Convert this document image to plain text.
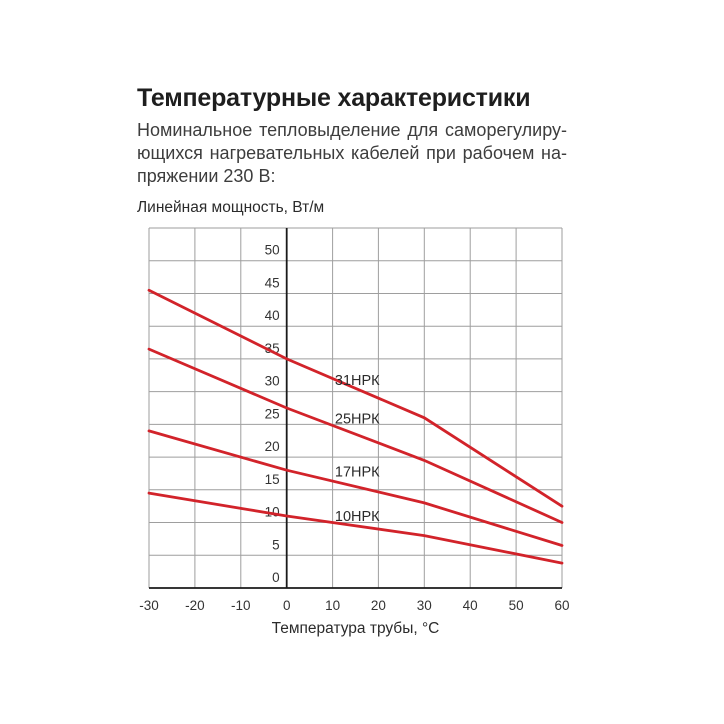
Температурные характеристики
Номинальное тепловыделение для саморегулиру-
ющихся нагревательных кабелей при рабочем на-
пряжении 230 В:
Линейная мощность, Вт/м
-30 -20 -10 0	10 20 30 40 50 60
0
5
10
15
20
25
30
35
40
45
50
31НРК
25НРК
17НРК
10НРК
Температура трубы, °C
